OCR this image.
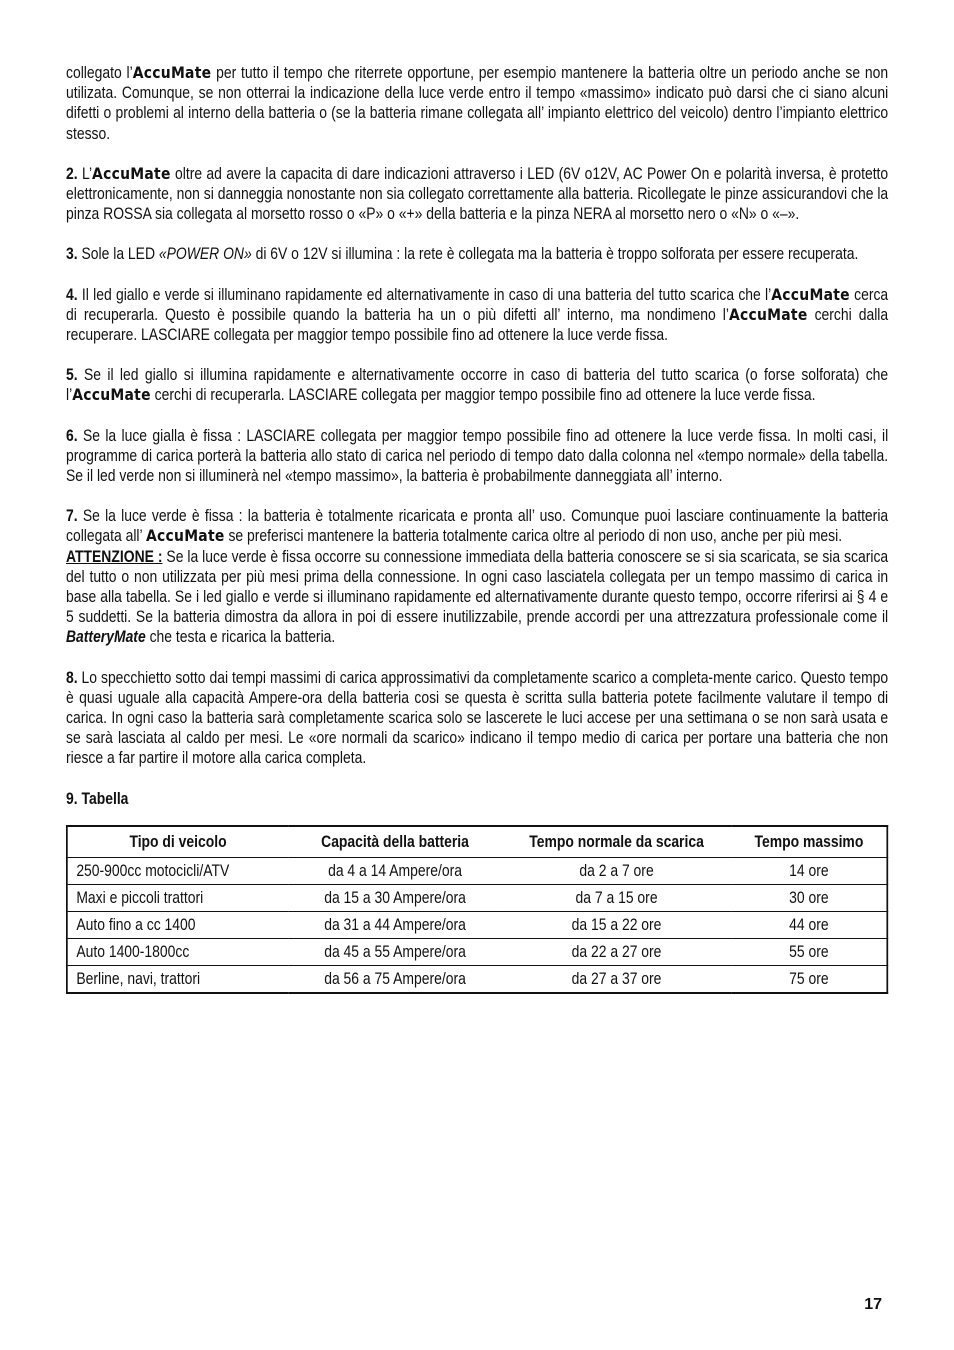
collegato l’AccuMate per tutto il tempo che riterrete opportune, per esempio mantenere la batteria oltre un periodo anche se non utilizata. Comunque, se non otterrai la indicazione della luce verde entro il tempo «massimo» indicato può darsi che ci siano alcuni difetti o problemi al interno della batteria o (se la batteria rimane collegata all’ impianto elettrico del veicolo) dentro l’impianto elettrico stesso.

2. L’AccuMate oltre ad avere la capacita di dare indicazioni attraverso i LED (6V o12V, AC Power On e polarità inversa, è protetto elettronicamente, non si danneggia nonostante non sia collegato correttamente alla batteria. Ricollegate le pinze assicurandovi che la pinza ROSSA sia collegata al morsetto rosso o «P» o «+» della batteria e la pinza NERA al morsetto nero o «N» o «–».

3. Sole la LED «POWER ON» di 6V o 12V si illumina : la rete è collegata ma la batteria è troppo solforata per essere recuperata.

4. Il led giallo e verde si illuminano rapidamente ed alternativamente in caso di una batteria del tutto scarica che l’AccuMate cerca di recuperarla. Questo è possibile quando la batteria ha un o più difetti all’ interno, ma nondimeno l’AccuMate cerchi dalla recuperare. LASCIARE collegata per maggior tempo possibile fino ad ottenere la luce verde fissa.

5. Se il led giallo si illumina rapidamente e alternativamente occorre in caso di batteria del tutto scarica (o forse solforata) che l’AccuMate cerchi di recuperarla. LASCIARE collegata per maggior tempo possibile fino ad ottenere la luce verde fissa.

6. Se la luce gialla è fissa : LASCIARE collegata per maggior tempo possibile fino ad ottenere la luce verde fissa. In molti casi, il programme di carica porterà la batteria allo stato di carica nel periodo di tempo dato dalla colonna nel «tempo normale» della tabella. Se il led verde non si illuminerà nel «tempo massimo», la batteria è probabilmente danneggiata all’ interno.

7. Se la luce verde è fissa : la batteria è totalmente ricaricata e pronta all’ uso. Comunque puoi lasciare continuamente la batteria collegata all’ AccuMate se preferisci mantenere la batteria totalmente carica oltre al periodo di non uso, anche per più mesi.

ATTENZIONE : Se la luce verde è fissa occorre su connessione immediata della batteria conoscere se si sia scaricata, se sia scarica del tutto o non utilizzata per più mesi prima della connessione. In ogni caso lasciatela collegata per un tempo massimo di carica in base alla tabella. Se i led giallo e verde si illuminano rapidamente ed alternativamente durante questo tempo, occorre riferirsi ai § 4 e 5 suddetti. Se la batteria dimostra da allora in poi di essere inutilizzabile, prende accordi per una attrezzatura professionale come il BatteryMate che testa e ricarica la batteria.

8. Lo specchietto sotto dai tempi massimi di carica approssimativi da completamente scarico a completa-mente carico. Questo tempo è quasi uguale alla capacità Ampere-ora della batteria cosi se questa è scritta sulla batteria potete facilmente valutare il tempo di carica. In ogni caso la batteria sarà completamente scarica solo se lascerete le luci accese per una settimana o se non sarà usata e se sarà lasciata al caldo per mesi. Le «ore normali da scarico» indicano il tempo medio di carica per portare una batteria che non riesce a far partire il motore alla carica completa.

9. Tabella
Tipo di veicolo	Capacità della batteria	Tempo normale da scarica	Tempo massimo
250-900cc motocicli/ATV	da 4 a 14 Ampere/ora	da 2 a 7 ore	14 ore
Maxi e piccoli trattori	da 15 a 30 Ampere/ora	da 7 a 15 ore	30 ore
Auto fino a cc 1400	da 31 a 44 Ampere/ora	da 15 a 22 ore	44 ore
Auto 1400-1800cc	da 45 a 55 Ampere/ora	da 22 a 27 ore	55 ore
Berline, navi, trattori	da 56 a 75 Ampere/ora	da 27 a 37 ore	75 ore
17
